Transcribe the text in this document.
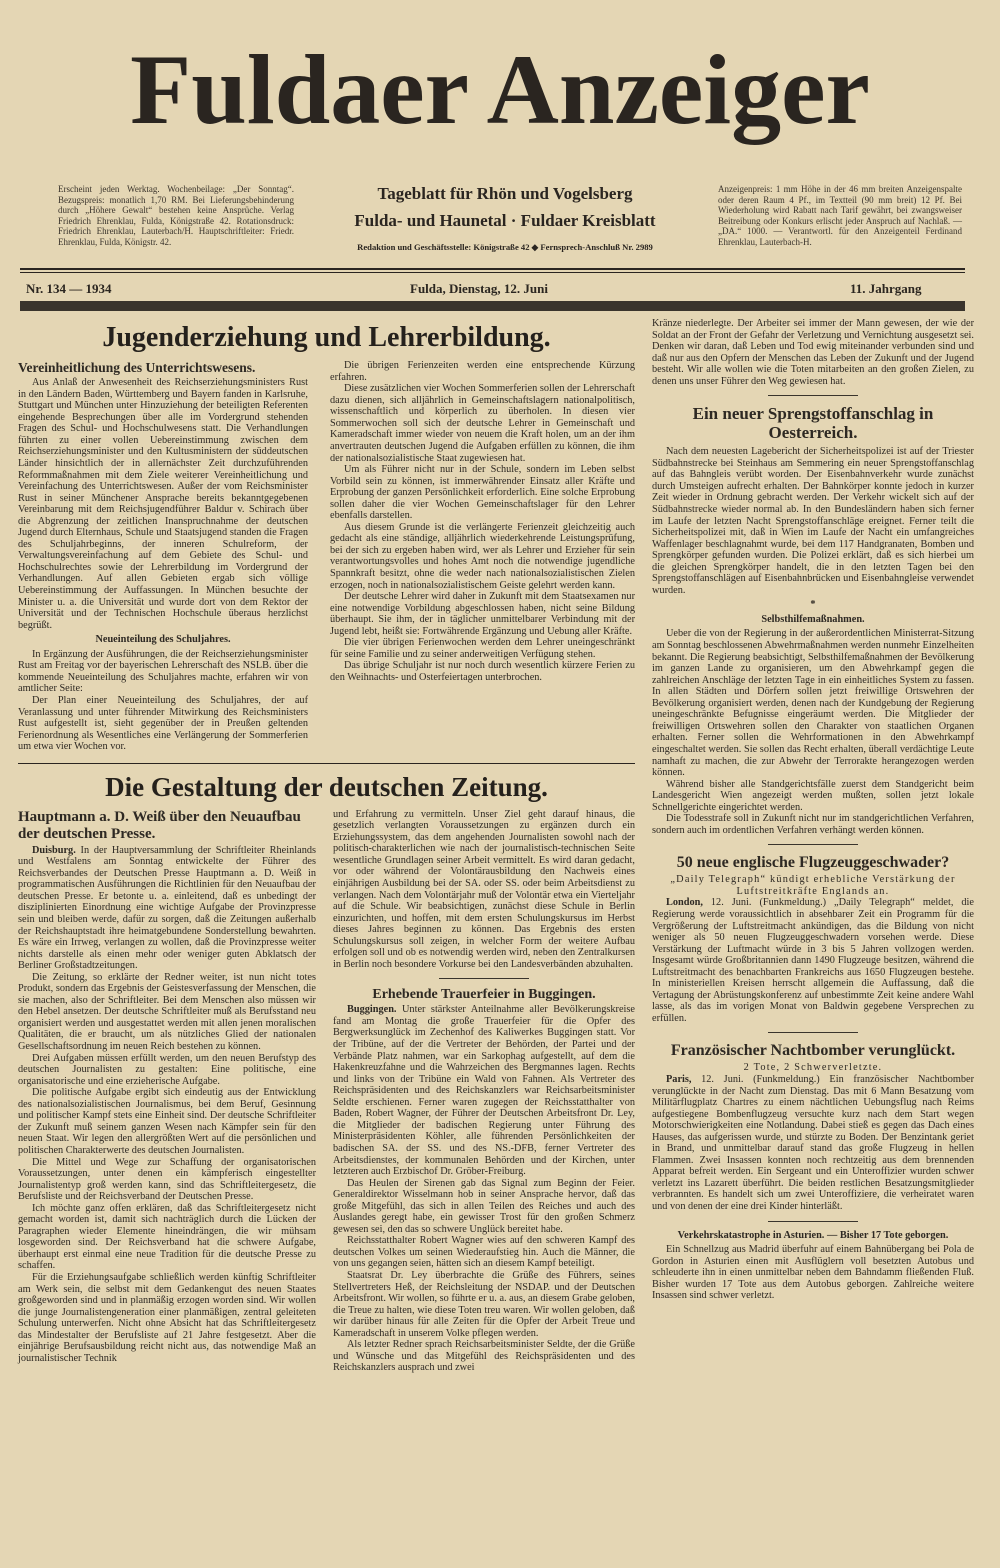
Fuldaer Anzeiger
Erscheint jeden Werktag. Wochenbeilage: „Der Sonntag“. Bezugspreis: monatlich 1,70 RM. Bei Lieferungsbehinderung durch „Höhere Gewalt“ bestehen keine Ansprüche. Verlag Friedrich Ehrenklau, Fulda, Königstraße 42. Rotationsdruck: Friedrich Ehrenklau, Lauterbach/H. Hauptschriftleiter: Friedr. Ehrenklau, Fulda, Königstr. 42.
Tageblatt für Rhön und Vogelsberg
Fulda- und Haunetal · Fuldaer Kreisblatt
Redaktion und Geschäftsstelle: Königstraße 42 ◆ Fernsprech-Anschluß Nr. 2989
Anzeigenpreis: 1 mm Höhe in der 46 mm breiten Anzeigenspalte oder deren Raum 4 Pf., im Textteil (90 mm breit) 12 Pf. Bei Wiederholung wird Rabatt nach Tarif gewährt, bei zwangsweiser Beitreibung oder Konkurs erlischt jeder Anspruch auf Nachlaß. — „DA.“ 1000. — Verantwortl. für den Anzeigenteil Ferdinand Ehrenklau, Lauterbach-H.
Nr. 134 — 1934	Fulda, Dienstag, 12. Juni	11. Jahrgang
Jugenderziehung und Lehrerbildung.
Vereinheitlichung des Unterrichtswesens.

Aus Anlaß der Anwesenheit des Reichserziehungsministers Rust in den Ländern Baden, Württemberg und Bayern fanden in Karlsruhe, Stuttgart und München unter Hinzuziehung der beteiligten Referenten eingehende Besprechungen über alle im Vordergrund stehenden Fragen des Schul- und Hochschulwesens statt. Die Verhandlungen führten zu einer vollen Uebereinstimmung zwischen dem Reichserziehungsminister und den Kultusministern der süddeutschen Länder hinsichtlich der in allernächster Zeit durchzuführenden Reformmaßnahmen mit dem Ziele weiterer Vereinheitlichung und Vereinfachung des Unterrichtswesen. Außer der vom Reichsminister Rust in seiner Münchener Ansprache bereits bekanntgegebenen Vereinbarung mit dem Reichsjugendführer Baldur v. Schirach über die Abgrenzung der zeitlichen Inanspruchnahme der deutschen Jugend durch Elternhaus, Schule und Staatsjugend standen die Fragen des Schuljahrbeginns, der inneren Schulreform, der Verwaltungsvereinfachung auf dem Gebiete des Schul- und Hochschulrechtes sowie der Lehrerbildung im Vordergrund der Verhandlungen. Auf allen Gebieten ergab sich völlige Uebereinstimmung der Auffassungen. In München besuchte der Minister u. a. die Universität und wurde dort von dem Rektor der Universität und der Technischen Hochschule überaus herzlichst begrüßt.

Neueinteilung des Schuljahres.

In Ergänzung der Ausführungen, die der Reichserziehungsminister Rust am Freitag vor der bayerischen Lehrerschaft des NSLB. über die kommende Neueinteilung des Schuljahres machte, erfahren wir von amtlicher Seite:

Der Plan einer Neueinteilung des Schuljahres, der auf Veranlassung und unter führender Mitwirkung des Reichsministers Rust aufgestellt ist, sieht gegenüber der in Preußen geltenden Ferienordnung als Wesentliches eine Verlängerung der Sommerferien um etwa vier Wochen vor.

Die übrigen Ferienzeiten werden eine entsprechende Kürzung erfahren.

Diese zusätzlichen vier Wochen Sommerferien sollen der Lehrerschaft dazu dienen, sich alljährlich in Gemeinschaftslagern nationalpolitisch, wissenschaftlich und körperlich zu überholen. In diesen vier Sommerwochen soll sich der deutsche Lehrer in Gemeinschaft und Kameradschaft immer wieder von neuem die Kraft holen, um an der ihm anvertrauten deutschen Jugend die Aufgaben erfüllen zu können, die ihm der nationalsozialistische Staat zugewiesen hat.

Um als Führer nicht nur in der Schule, sondern im Leben selbst Vorbild sein zu können, ist immerwährender Einsatz aller Kräfte und Erprobung der ganzen Persönlichkeit erforderlich. Eine solche Erprobung sollen daher die vier Wochen Gemeinschaftslager für den Lehrer ebenfalls darstellen.

Aus diesem Grunde ist die verlängerte Ferienzeit gleichzeitig auch gedacht als eine ständige, alljährlich wiederkehrende Leistungsprüfung, bei der sich zu ergeben haben wird, wer als Lehrer und Erzieher für sein verantwortungsvolles und hohes Amt noch die notwendige jugendliche Spannkraft besitzt, ohne die weder nach nationalsozialistischen Zielen erzogen, noch in nationalsozialistischem Geiste gelehrt werden kann.

Der deutsche Lehrer wird daher in Zukunft mit dem Staatsexamen nur eine notwendige Vorbildung abgeschlossen haben, nicht seine Bildung überhaupt. Sie ihm, der in täglicher unmittelbarer Verbindung mit der Jugend lebt, heißt sie: Fortwährende Ergänzung und Uebung aller Kräfte.

Die vier übrigen Ferienwochen werden dem Lehrer uneingeschränkt für seine Familie und zu seiner anderweitigen Verfügung stehen.

Das übrige Schuljahr ist nur noch durch wesentlich kürzere Ferien zu den Weihnachts- und Osterfeiertagen unterbrochen.

Die Gestaltung der deutschen Zeitung.
Hauptmann a. D. Weiß über den Neuaufbau der deutschen Presse.

Duisburg. In der Hauptversammlung der Schriftleiter Rheinlands und Westfalens am Sonntag entwickelte der Führer des Reichsverbandes der Deutschen Presse Hauptmann a. D. Weiß in programmatischen Ausführungen die Richtlinien für den Neuaufbau der deutschen Presse. Er betonte u. a. einleitend, daß es unbedingt der disziplinierten Einordnung eine wichtige Aufgabe der Provinzpresse sein und bleiben werde, dafür zu sorgen, daß die Zeitungen außerhalb der Reichshauptstadt ihre heimatgebundene Sonderstellung bewahrten. Es wäre ein Irrweg, verlangen zu wollen, daß die Provinzpresse weiter nichts darstelle als einen mehr oder weniger guten Abklatsch der Berliner Großstadtzeitungen.

Die Zeitung, so erklärte der Redner weiter, ist nun nicht totes Produkt, sondern das Ergebnis der Geistesverfassung der Menschen, die sie machen, also der Schriftleiter. Bei dem Menschen also müssen wir den Hebel ansetzen. Der deutsche Schriftleiter muß als Berufsstand neu organisiert werden und ausgestattet werden mit allen jenen moralischen Qualitäten, die er braucht, um als nützliches Glied der nationalen Gesellschaftsordnung im neuen Reich bestehen zu können.

Drei Aufgaben müssen erfüllt werden, um den neuen Berufstyp des deutschen Journalisten zu gestalten: Eine politische, eine organisatorische und eine erzieherische Aufgabe.

Die politische Aufgabe ergibt sich eindeutig aus der Entwicklung des nationalsozialistischen Journalismus, bei dem Beruf, Gesinnung und politischer Kampf stets eine Einheit sind. Der deutsche Schriftleiter der Zukunft muß seinem ganzen Wesen nach Kämpfer sein für den neuen Staat. Wir legen den allergrößten Wert auf die persönlichen und politischen Charakterwerte des deutschen Journalisten.

Die Mittel und Wege zur Schaffung der organisatorischen Voraussetzungen, unter denen ein kämpferisch eingestellter Journalistentyp groß werden kann, sind das Schriftleitergesetz, die Berufsliste und der Reichsverband der Deutschen Presse.

Ich möchte ganz offen erklären, daß das Schriftleitergesetz nicht gemacht worden ist, damit sich nachträglich durch die Lücken der Paragraphen wieder Elemente hineindrängen, die wir mühsam losgeworden sind. Der Reichsverband hat die schwere Aufgabe, überhaupt erst einmal eine neue Tradition für die deutsche Presse zu schaffen.

Für die Erziehungsaufgabe schließlich werden künftig Schriftleiter am Werk sein, die selbst mit dem Gedankengut des neuen Staates großgeworden sind und in planmäßig erzogen worden sind. Wir wollen die junge Journalistengeneration einer planmäßigen, zentral geleiteten Schulung unterwerfen. Nicht ohne Absicht hat das Schriftleitergesetz das Mindestalter der Berufsliste auf 21 Jahre festgesetzt. Aber die einjährige Berufsausbildung reicht nicht aus, das notwendige Maß an journalistischer Technik

und Erfahrung zu vermitteln. Unser Ziel geht darauf hinaus, die gesetzlich verlangten Voraussetzungen zu ergänzen durch ein Erziehungssystem, das dem angehenden Journalisten sowohl nach der politisch-charakterlichen wie nach der journalistisch-technischen Seite wesentliche Grundlagen seiner Arbeit vermittelt. Es wird daran gedacht, vor oder während der Volontärausbildung den Nachweis eines einjährigen Ausbildung bei der SA. oder SS. oder beim Arbeitsdienst zu verlangen. Nach dem Volontärjahr muß der Volontär etwa ein Vierteljahr auf die Schule. Wir beabsichtigen, zunächst diese Schule in Berlin einzurichten, und hoffen, mit dem ersten Schulungskursus im Herbst dieses Jahres beginnen zu können. Das Ergebnis des ersten Schulungskursus soll zeigen, in welcher Form der weitere Aufbau erfolgen soll und ob es notwendig werden wird, neben den Zentralkursen in Berlin noch besondere Vorkurse bei den Landesverbänden abzuhalten.

Erhebende Trauerfeier in Buggingen.

Buggingen. Unter stärkster Anteilnahme aller Bevölkerungskreise fand am Montag die große Trauerfeier für die Opfer des Bergwerksunglück im Zechenhof des Kaliwerkes Buggingen statt. Vor der Tribüne, auf der die Vertreter der Behörden, der Partei und der Verbände Platz nahmen, war ein Sarkophag aufgestellt, auf dem die Hakenkreuzfahne und die Wahrzeichen des Bergmannes lagen. Rechts und links von der Tribüne ein Wald von Fahnen. Als Vertreter des Reichspräsidenten und des Reichskanzlers war Reichsarbeitsminister Seldte erschienen. Ferner waren zugegen der Reichsstatthalter von Baden, Robert Wagner, der Führer der Deutschen Arbeitsfront Dr. Ley, die Mitglieder der badischen Regierung unter Führung des Ministerpräsidenten Köhler, alle führenden Persönlichkeiten der badischen SA. der SS. und des NS.-DFB, ferner Vertreter des Arbeitsdienstes, der kommunalen Behörden und der Kirchen, unter letzteren auch Erzbischof Dr. Gröber-Freiburg.

Das Heulen der Sirenen gab das Signal zum Beginn der Feier. Generaldirektor Wisselmann hob in seiner Ansprache hervor, daß das große Mitgefühl, das sich in allen Teilen des Reiches und auch des Auslandes geregt habe, ein gewisser Trost für den großen Schmerz gewesen sei, den das so schwere Unglück bereitet habe.

Reichsstatthalter Robert Wagner wies auf den schweren Kampf des deutschen Volkes um seinen Wiederaufstieg hin. Auch die Männer, die von uns gegangen seien, hätten sich an diesem Kampf beteiligt.

Staatsrat Dr. Ley überbrachte die Grüße des Führers, seines Stellvertreters Heß, der Reichsleitung der NSDAP. und der Deutschen Arbeitsfront. Wir wollen, so führte er u. a. aus, an diesem Grabe geloben, die Treue zu halten, wie diese Toten treu waren. Wir wollen geloben, daß wir darüber hinaus für alle Zeiten für die Opfer der Arbeit Treue und Kameradschaft in unserem Volke pflegen werden.

Als letzter Redner sprach Reichsarbeitsminister Seldte, der die Grüße und Wünsche und das Mitgefühl des Reichspräsidenten und des Reichskanzlers ausprach und zwei

Kränze niederlegte. Der Arbeiter sei immer der Mann gewesen, der wie der Soldat an der Front der Gefahr der Verletzung und Vernichtung ausgesetzt sei. Denken wir daran, daß Leben und Tod ewig miteinander verbunden sind und daß nur aus den Opfern der Menschen das Leben der Zukunft und der Jugend besteht. Wir alle wollen wie die Toten mitarbeiten an den großen Zielen, zu denen uns unser Führer den Weg gewiesen hat.

Ein neuer Sprengstoffanschlag in Oesterreich.

Nach dem neuesten Lagebericht der Sicherheitspolizei ist auf der Triester Südbahnstrecke bei Steinhaus am Semmering ein neuer Sprengstoffanschlag auf das Bahngleis verübt worden. Der Eisenbahnverkehr wurde zunächst durch Umsteigen aufrecht erhalten. Der Bahnkörper konnte jedoch in kurzer Zeit wieder in Ordnung gebracht werden. Der Verkehr wickelt sich auf der Südbahnstrecke wieder normal ab. In den Bundesländern haben sich ferner im Laufe der letzten Nacht Sprengstoffanschläge ereignet. Ferner teilt die Sicherheitspolizei mit, daß in Wien im Laufe der Nacht ein umfangreiches Waffenlager beschlagnahmt wurde, bei dem 117 Handgranaten, Bomben und Sprengkörper gefunden wurden. Die Polizei erklärt, daß es sich hierbei um die gleichen Sprengkörper handelt, die in den letzten Tagen bei den Sprengstoffanschlägen auf Eisenbahnbrücken und Eisenbahngleise verwendet wurden.

*
Selbsthilfemaßnahmen.

Ueber die von der Regierung in der außerordentlichen Ministerrat-Sitzung am Sonntag beschlossenen Abwehrmaßnahmen werden nunmehr Einzelheiten bekannt. Die Regierung beabsichtigt, Selbsthilfemaßnahmen der Bevölkerung im ganzen Lande zu organisieren, um den Abwehrkampf gegen die zahlreichen Anschläge der letzten Tage in ein einheitliches System zu fassen. In allen Städten und Dörfern sollen jetzt freiwillige Ortswehren der Bevölkerung organisiert werden, denen nach der Kundgebung der Regierung uneingeschränkte Befugnisse eingeräumt werden. Die Mitglieder der freiwilligen Ortswehren sollen den Charakter von staatlichen Organen erhalten. Ferner sollen die Wehrformationen in den Abwehrkampf eingeschaltet werden. Sie sollen das Recht erhalten, überall verdächtige Leute namhaft zu machen, die zur Abwehr der Terrorakte herangezogen werden können.

Während bisher alle Standgerichtsfälle zuerst dem Standgericht beim Landesgericht Wien angezeigt werden mußten, sollen jetzt lokale Schnellgerichte eingerichtet werden.

Die Todesstrafe soll in Zukunft nicht nur im standgerichtlichen Verfahren, sondern auch im ordentlichen Verfahren verhängt werden können.

50 neue englische Flugzeuggeschwader?

„Daily Telegraph“ kündigt erhebliche Verstärkung der Luftstreitkräfte Englands an.

London, 12. Juni. (Funkmeldung.) „Daily Telegraph“ meldet, die Regierung werde voraussichtlich in absehbarer Zeit ein Programm für die Vergrößerung der Luftstreitmacht ankündigen, das die Bildung von nicht weniger als 50 neuen Flugzeuggeschwadern vorsehen werde. Diese Verstärkung der Luftmacht würde in 3 bis 5 Jahren vollzogen werden. Insgesamt würde Großbritannien dann 1490 Flugzeuge besitzen, während die Luftstreitmacht des benachbarten Frankreichs aus 1650 Flugzeugen bestehe. In ministeriellen Kreisen herrscht allgemein die Auffassung, daß die Vertagung der Abrüstungskonferenz auf unbestimmte Zeit keine andere Wahl lasse, als das im vorigen Monat von Baldwin gegebene Versprechen zu erfüllen.

Französischer Nachtbomber verunglückt.

2 Tote, 2 Schwerverletzte.

Paris, 12. Juni. (Funkmeldung.) Ein französischer Nachtbomber verunglückte in der Nacht zum Dienstag. Das mit 6 Mann Besatzung vom Militärflugplatz Chartres zu einem nächtlichen Uebungsflug nach Reims aufgestiegene Bombenflugzeug versuchte kurz nach dem Start wegen Motorschwierigkeiten eine Notlandung. Dabei stieß es gegen das Dach eines Hauses, das aufgerissen wurde, und stürzte zu Boden. Der Benzintank geriet in Brand, und unmittelbar darauf stand das große Flugzeug in hellen Flammen. Zwei Insassen konnten noch rechtzeitig aus dem brennenden Apparat befreit werden. Ein Sergeant und ein Unteroffizier wurden schwer verletzt ins Lazarett überführt. Die beiden restlichen Besatzungsmitglieder verbrannten. Es handelt sich um zwei Unteroffiziere, die verheiratet waren und von denen der eine drei Kinder hinterläßt.

Verkehrskatastrophe in Asturien. — Bisher 17 Tote geborgen.

Ein Schnellzug aus Madrid überfuhr auf einem Bahnübergang bei Pola de Gordon in Asturien einen mit Ausflüglern voll besetzten Autobus und schleuderte ihn in einen unmittelbar neben dem Bahndamm fließenden Fluß. Bisher wurden 17 Tote aus dem Autobus geborgen. Zahlreiche weitere Insassen sind schwer verletzt.
